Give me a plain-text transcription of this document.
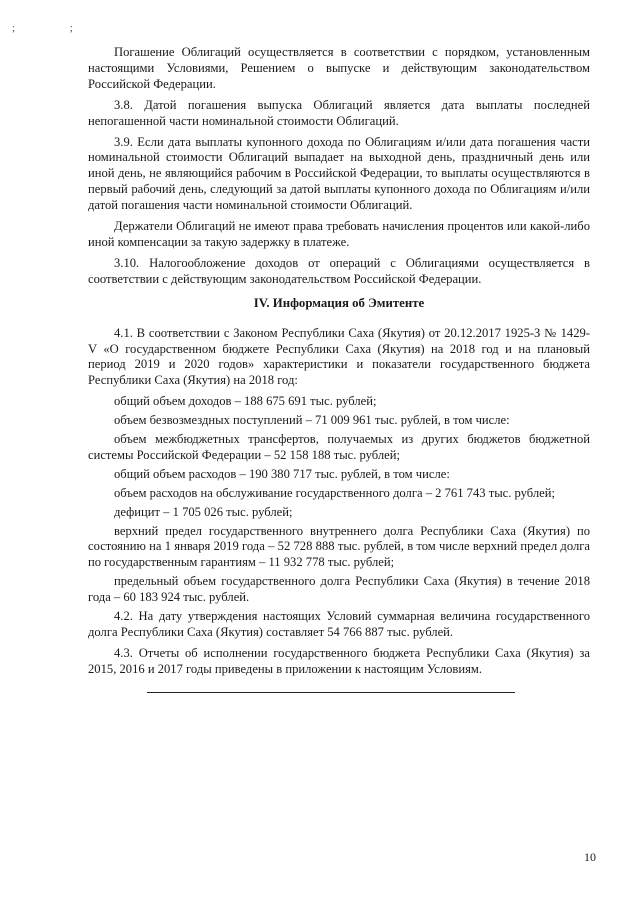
; ;

Погашение Облигаций осуществляется в соответствии с порядком, установленным настоящими Условиями, Решением о выпуске и действующим законодательством Российской Федерации.

3.8. Датой погашения выпуска Облигаций является дата выплаты последней непогашенной части номинальной стоимости Облигаций.

3.9. Если дата выплаты купонного дохода по Облигациям и/или дата погашения части номинальной стоимости Облигаций выпадает на выходной день, праздничный день или иной день, не являющийся рабочим в Российской Федерации, то выплаты осуществляются в первый рабочий день, следующий за датой выплаты купонного дохода по Облигациям и/или датой погашения части номинальной стоимости Облигаций.

Держатели Облигаций не имеют права требовать начисления процентов или какой-либо иной компенсации за такую задержку в платеже.

3.10. Налогообложение доходов от операций с Облигациями осуществляется в соответствии с действующим законодательством Российской Федерации.

IV. Информация об Эмитенте

4.1. В соответствии с Законом Республики Саха (Якутия) от 20.12.2017 1925-З № 1429-V «О государственном бюджете Республики Саха (Якутия) на 2018 год и на плановый период 2019 и 2020 годов» характеристики и показатели государственного бюджета Республики Саха (Якутия) на 2018 год:

общий объем доходов – 188 675 691 тыс. рублей;

объем безвозмездных поступлений – 71 009 961 тыс. рублей, в том числе:

объем межбюджетных трансфертов, получаемых из других бюджетов бюджетной системы Российской Федерации – 52 158 188 тыс. рублей;

общий объем расходов – 190 380 717 тыс. рублей, в том числе:

объем расходов на обслуживание государственного долга – 2 761 743 тыс. рублей;

дефицит – 1 705 026 тыс. рублей;

верхний предел государственного внутреннего долга Республики Саха (Якутия) по состоянию на 1 января 2019 года – 52 728 888 тыс. рублей, в том числе верхний предел долга по государственным гарантиям – 11 932 778 тыс. рублей;

предельный объем государственного долга Республики Саха (Якутия) в течение 2018 года – 60 183 924 тыс. рублей.

4.2. На дату утверждения настоящих Условий суммарная величина государственного долга Республики Саха (Якутия) составляет 54 766 887 тыс. рублей.

4.3. Отчеты об исполнении государственного бюджета Республики Саха (Якутия) за 2015, 2016 и 2017 годы приведены в приложении к настоящим Условиям.

10
